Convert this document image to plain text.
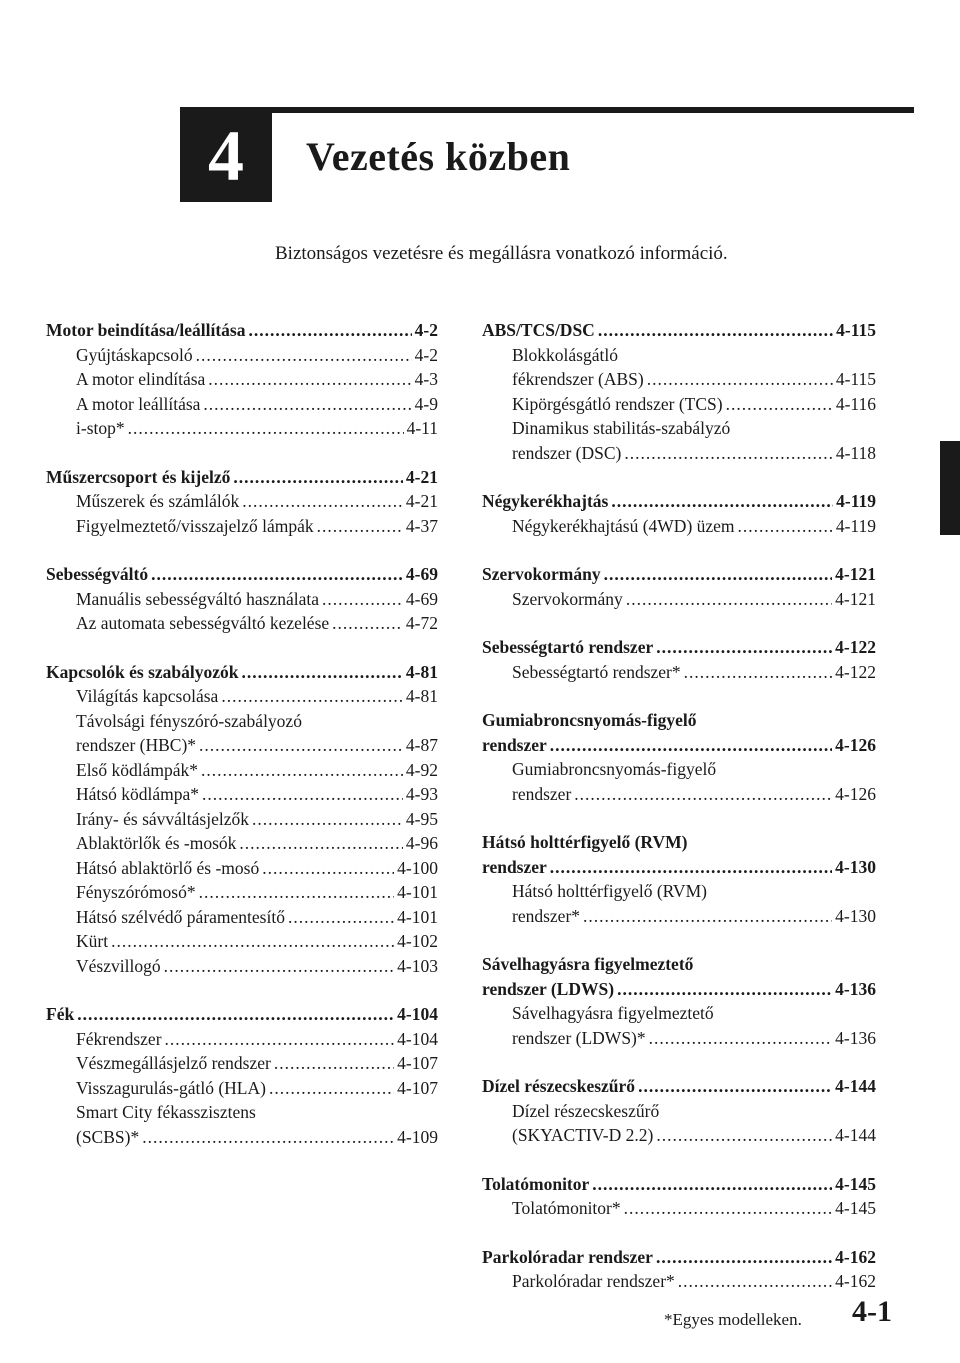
4 Vezetés közben
Biztonságos vezetésre és megállásra vonatkozó információ.
Motor beindítása/leállítása .....	4-2
Gyújtáskapcsoló .....	4-2
A motor elindítása .....	4-3
A motor leállítása .....	4-9
i-stop* .....	4-11
Műszercsoport és kijelző .....	4-21
Műszerek és számlálók .....	4-21
Figyelmeztető/visszajelző lámpák .....	4-37
Sebességváltó .....	4-69
Manuális sebességváltó használata .....	4-69
Az automata sebességváltó kezelése .....	4-72
Kapcsolók és szabályozók .....	4-81
Világítás kapcsolása .....	4-81
Távolsági fényszóró-szabályozó
rendszer (HBC)* .....	4-87
Első ködlámpák* .....	4-92
Hátsó ködlámpa* .....	4-93
Irány- és sávváltásjelzők .....	4-95
Ablaktörlők és -mosók .....	4-96
Hátsó ablaktörlő és -mosó .....	4-100
Fényszórómosó* .....	4-101
Hátsó szélvédő páramentesítő .....	4-101
Kürt .....	4-102
Vészvillogó .....	4-103
Fék .....	4-104
Fékrendszer .....	4-104
Vészmegállásjelző rendszer .....	4-107
Visszagurulás-gátló (HLA) .....	4-107
Smart City fékasszisztens
(SCBS)* .....	4-109
ABS/TCS/DSC .....	4-115
Blokkolásgátló
fékrendszer (ABS) .....	4-115
Kipörgésgátló rendszer (TCS) .....	4-116
Dinamikus stabilitás-szabályzó
rendszer (DSC) .....	4-118
Négykerékhajtás .....	4-119
Négykerékhajtású (4WD) üzem .....	4-119
Szervokormány .....	4-121
Szervokormány .....	4-121
Sebességtartó rendszer .....	4-122
Sebességtartó rendszer* .....	4-122
Gumiabroncsnyomás-figyelő
rendszer .....	4-126
Gumiabroncsnyomás-figyelő
rendszer .....	4-126
Hátsó holttérfigyelő (RVM)
rendszer .....	4-130
Hátsó holttérfigyelő (RVM)
rendszer* .....	4-130
Sávelhagyásra figyelmeztető
rendszer (LDWS) .....	4-136
Sávelhagyásra figyelmeztető
rendszer (LDWS)* .....	4-136
Dízel részecskeszűrő .....	4-144
Dízel részecskeszűrő
(SKYACTIV-D 2.2) .....	4-144
Tolatómonitor .....	4-145
Tolatómonitor* .....	4-145
Parkolóradar rendszer .....	4-162
Parkolóradar rendszer* .....	4-162
*Egyes modelleken. 4-1
